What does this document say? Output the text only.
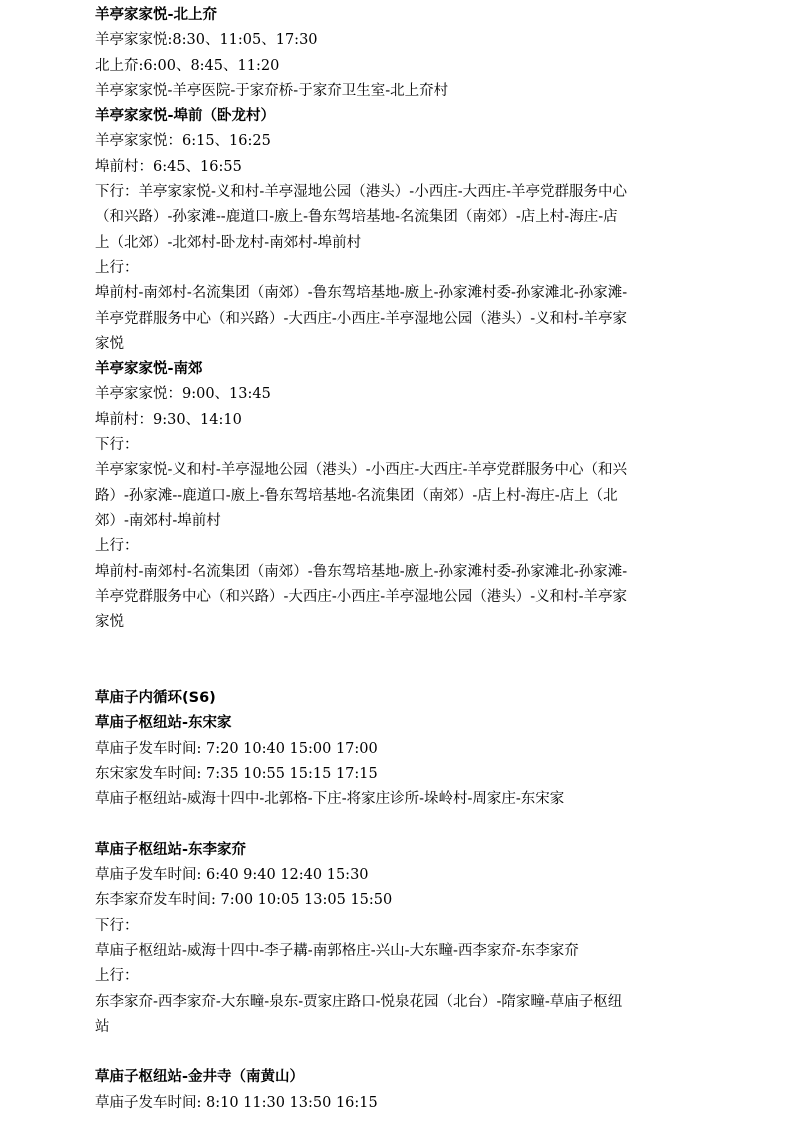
羊亭家家悦-北上夼
羊亭家家悦:8:30、11:05、17:30
北上夼:6:00、8:45、11:20
羊亭家家悦-羊亭医院-于家夼桥-于家夼卫生室-北上夼村
羊亭家家悦-埠前（卧龙村）
羊亭家家悦：6:15、16:25
埠前村：6:45、16:55
下行：羊亭家家悦-义和村-羊亭湿地公园（港头）-小西庄-大西庄-羊亭党群服务中心
（和兴路）-孙家滩--鹿道口-廒上-鲁东驾培基地-名流集团（南郊）-店上村-海庄-店
上（北郊）-北郊村-卧龙村-南郊村-埠前村
上行：
埠前村-南郊村-名流集团（南郊）-鲁东驾培基地-廒上-孙家滩村委-孙家滩北-孙家滩-
羊亭党群服务中心（和兴路）-大西庄-小西庄-羊亭湿地公园（港头）-义和村-羊亭家
家悦
羊亭家家悦-南郊
羊亭家家悦：9:00、13:45
埠前村：9:30、14:10
下行：
羊亭家家悦-义和村-羊亭湿地公园（港头）-小西庄-大西庄-羊亭党群服务中心（和兴
路）-孙家滩--鹿道口-廒上-鲁东驾培基地-名流集团（南郊）-店上村-海庄-店上（北
郊）-南郊村-埠前村
上行：
埠前村-南郊村-名流集团（南郊）-鲁东驾培基地-廒上-孙家滩村委-孙家滩北-孙家滩-
羊亭党群服务中心（和兴路）-大西庄-小西庄-羊亭湿地公园（港头）-义和村-羊亭家
家悦
草庙子内循环(S6)
草庙子枢纽站-东宋家
草庙子发车时间: 7:20 10:40 15:00 17:00
东宋家发车时间: 7:35 10:55 15:15 17:15
草庙子枢纽站-威海十四中-北郭格-下庄-将家庄诊所-垛岭村-周家庄-东宋家
草庙子枢纽站-东李家夼
草庙子发车时间: 6:40 9:40 12:40 15:30
东李家夼发车时间: 7:00 10:05 13:05 15:50
下行：
草庙子枢纽站-威海十四中-李子耩-南郭格庄-兴山-大东疃-西李家夼-东李家夼
上行：
东李家夼-西李家夼-大东疃-泉东-贾家庄路口-悦泉花园（北台）-隋家疃-草庙子枢纽
站
草庙子枢纽站-金井寺（南黄山）
草庙子发车时间: 8:10 11:30 13:50 16:15
